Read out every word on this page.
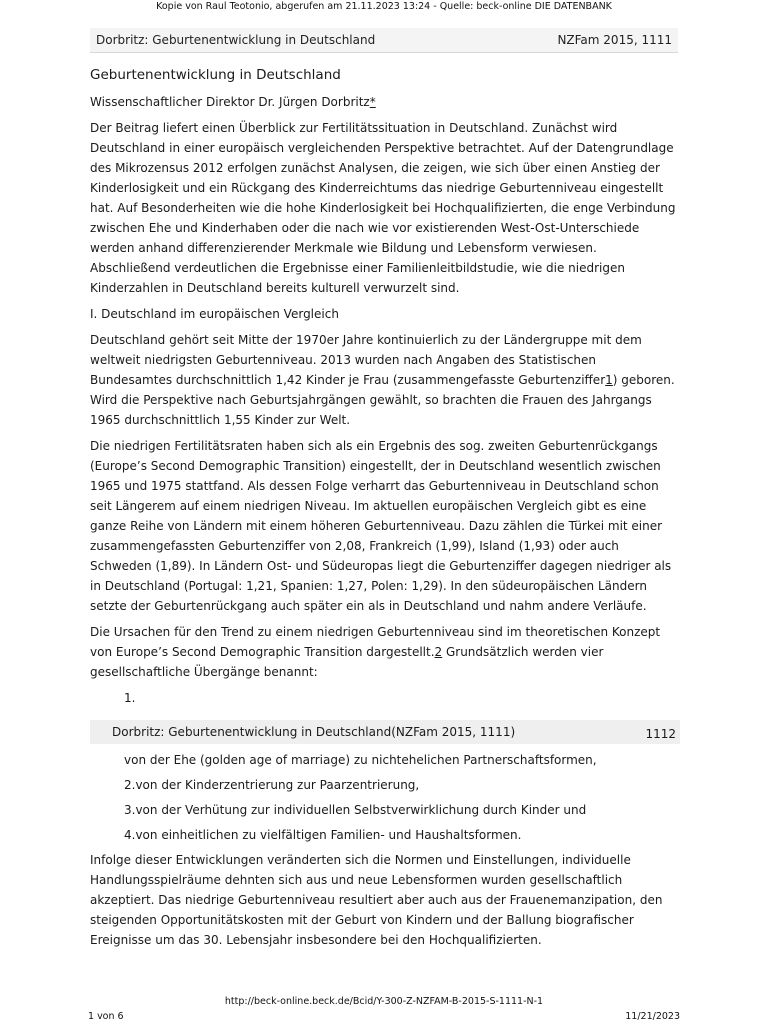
Kopie von Raul Teotonio, abgerufen am 21.11.2023 13:24 - Quelle: beck-online DIE DATENBANK
Dorbritz: Geburtenentwicklung in Deutschland	NZFam 2015, 1111
Geburtenentwicklung in Deutschland

Wissenschaftlicher Direktor Dr. Jürgen Dorbritz*

Der Beitrag liefert einen Überblick zur Fertilitätssituation in Deutschland. Zunächst wird Deutschland in einer europäisch vergleichenden Perspektive betrachtet. Auf der Datengrundlage des Mikrozensus 2012 erfolgen zunächst Analysen, die zeigen, wie sich über einen Anstieg der Kinderlosigkeit und ein Rückgang des Kinderreichtums das niedrige Geburtenniveau eingestellt hat. Auf Besonderheiten wie die hohe Kinderlosigkeit bei Hochqualifizierten, die enge Verbindung zwischen Ehe und Kinderhaben oder die nach wie vor existierenden West-Ost-Unterschiede werden anhand differenzierender Merkmale wie Bildung und Lebensform verwiesen. Abschließend verdeutlichen die Ergebnisse einer Familienleitbildstudie, wie die niedrigen Kinderzahlen in Deutschland bereits kulturell verwurzelt sind.

I. Deutschland im europäischen Vergleich

Deutschland gehört seit Mitte der 1970er Jahre kontinuierlich zu der Ländergruppe mit dem weltweit niedrigsten Geburtenniveau. 2013 wurden nach Angaben des Statistischen Bundesamtes durchschnittlich 1,42 Kinder je Frau (zusammengefasste Geburtenziffer1) geboren. Wird die Perspektive nach Geburtsjahrgängen gewählt, so brachten die Frauen des Jahrgangs 1965 durchschnittlich 1,55 Kinder zur Welt.

Die niedrigen Fertilitätsraten haben sich als ein Ergebnis des sog. zweiten Geburtenrückgangs (Europe’s Second Demographic Transition) eingestellt, der in Deutschland wesentlich zwischen 1965 und 1975 stattfand. Als dessen Folge verharrt das Geburtenniveau in Deutschland schon seit Längerem auf einem niedrigen Niveau. Im aktuellen europäischen Vergleich gibt es eine ganze Reihe von Ländern mit einem höheren Geburtenniveau. Dazu zählen die Türkei mit einer zusammengefassten Geburtenziffer von 2,08, Frankreich (1,99), Island (1,93) oder auch Schweden (1,89). In Ländern Ost- und Südeuropas liegt die Geburtenziffer dagegen niedriger als in Deutschland (Portugal: 1,21, Spanien: 1,27, Polen: 1,29). In den südeuropäischen Ländern setzte der Geburtenrückgang auch später ein als in Deutschland und nahm andere Verläufe.

Die Ursachen für den Trend zu einem niedrigen Geburtenniveau sind im theoretischen Konzept von Europe’s Second Demographic Transition dargestellt.2 Grundsätzlich werden vier gesellschaftliche Übergänge benannt:

1.
Dorbritz: Geburtenentwicklung in Deutschland(NZFam 2015, 1111)	1112
von der Ehe (golden age of marriage) zu nichtehelichen Partnerschaftsformen,
2.von der Kinderzentrierung zur Paarzentrierung,
3.von der Verhütung zur individuellen Selbstverwirklichung durch Kinder und
4.von einheitlichen zu vielfältigen Familien- und Haushaltsformen.

Infolge dieser Entwicklungen veränderten sich die Normen und Einstellungen, individuelle Handlungsspielräume dehnten sich aus und neue Lebensformen wurden gesellschaftlich akzeptiert. Das niedrige Geburtenniveau resultiert aber auch aus der Frauenemanzipation, den steigenden Opportunitätskosten mit der Geburt von Kindern und der Ballung biografischer Ereignisse um das 30. Lebensjahr insbesondere bei den Hochqualifizierten.

http://beck-online.beck.de/Bcid/Y-300-Z-NZFAM-B-2015-S-1111-N-1
1 von 6	11/21/2023
